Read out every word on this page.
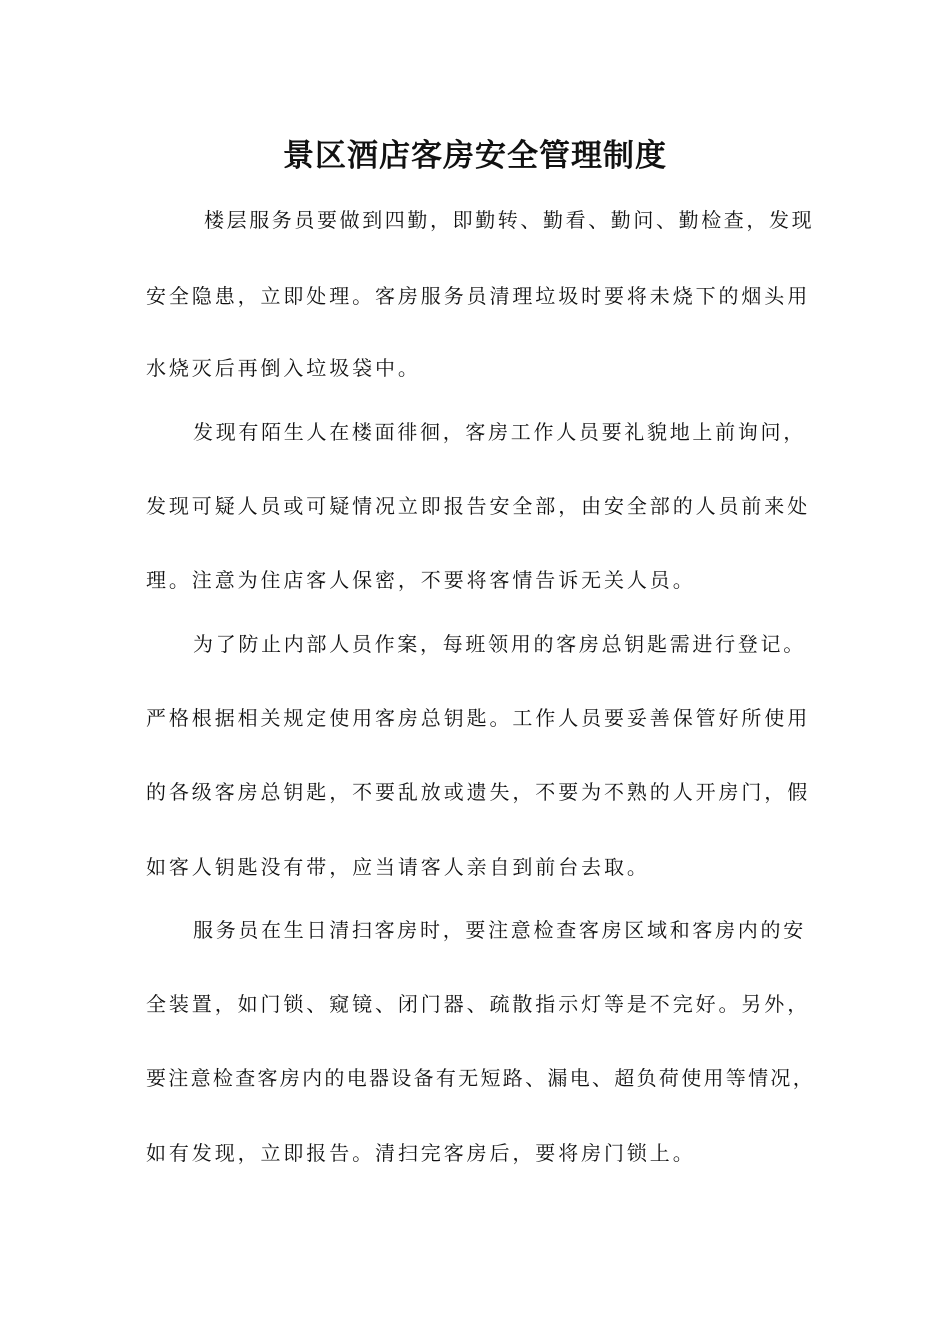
景区酒店客房安全管理制度

楼层服务员要做到四勤，即勤转、勤看、勤问、勤检查，发现

安全隐患，立即处理。客房服务员清理垃圾时要将未烧下的烟头用

水烧灭后再倒入垃圾袋中。

发现有陌生人在楼面徘徊，客房工作人员要礼貌地上前询问，

发现可疑人员或可疑情况立即报告安全部，由安全部的人员前来处

理。注意为住店客人保密，不要将客情告诉无关人员。

为了防止内部人员作案，每班领用的客房总钥匙需进行登记。

严格根据相关规定使用客房总钥匙。工作人员要妥善保管好所使用

的各级客房总钥匙，不要乱放或遗失，不要为不熟的人开房门，假

如客人钥匙没有带，应当请客人亲自到前台去取。

服务员在生日清扫客房时，要注意检查客房区域和客房内的安

全装置，如门锁、窥镜、闭门器、疏散指示灯等是不完好。另外，

要注意检查客房内的电器设备有无短路、漏电、超负荷使用等情况，

如有发现，立即报告。清扫完客房后，要将房门锁上。
